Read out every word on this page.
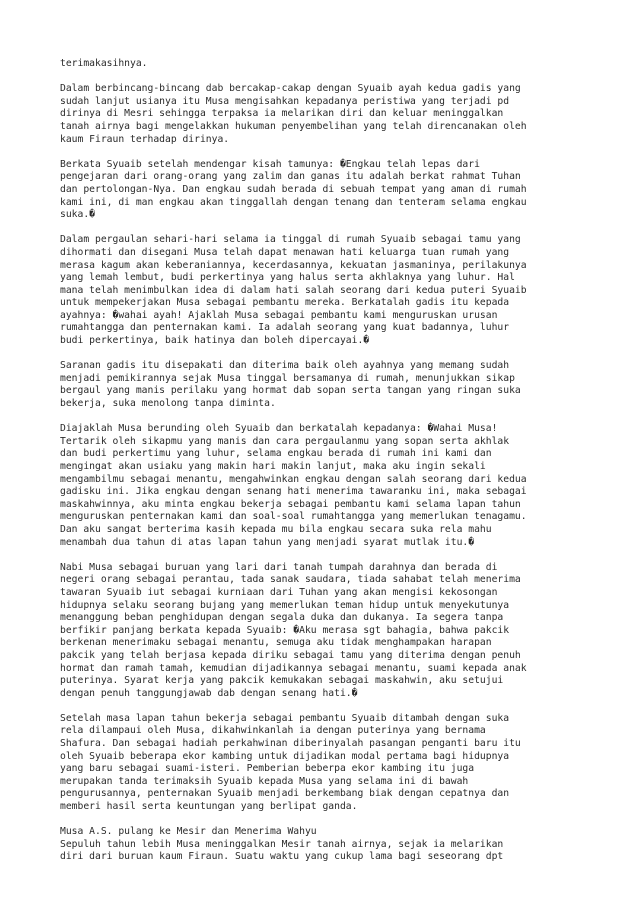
terimakasihnya.

Dalam berbincang-bincang dab bercakap-cakap dengan Syuaib ayah kedua gadis yang
sudah lanjut usianya itu Musa mengisahkan kepadanya peristiwa yang terjadi pd
dirinya di Mesri sehingga terpaksa ia melarikan diri dan keluar meninggalkan
tanah airnya bagi mengelakkan hukuman penyembelihan yang telah direncanakan oleh
kaum Firaun terhadap dirinya.

Berkata Syuaib setelah mendengar kisah tamunya: �Engkau telah lepas dari
pengejaran dari orang-orang yang zalim dan ganas itu adalah berkat rahmat Tuhan
dan pertolongan-Nya. Dan engkau sudah berada di sebuah tempat yang aman di rumah
kami ini, di man engkau akan tinggallah dengan tenang dan tenteram selama engkau
suka.�

Dalam pergaulan sehari-hari selama ia tinggal di rumah Syuaib sebagai tamu yang
dihormati dan disegani Musa telah dapat menawan hati keluarga tuan rumah yang
merasa kagum akan keberaniannya, kecerdasannya, kekuatan jasmaninya, perilakunya
yang lemah lembut, budi perkertinya yang halus serta akhlaknya yang luhur. Hal
mana telah menimbulkan idea di dalam hati salah seorang dari kedua puteri Syuaib
untuk mempekerjakan Musa sebagai pembantu mereka. Berkatalah gadis itu kepada
ayahnya: �wahai ayah! Ajaklah Musa sebagai pembantu kami menguruskan urusan
rumahtangga dan penternakan kami. Ia adalah seorang yang kuat badannya, luhur
budi perkertinya, baik hatinya dan boleh dipercayai.�

Saranan gadis itu disepakati dan diterima baik oleh ayahnya yang memang sudah
menjadi pemikirannya sejak Musa tinggal bersamanya di rumah, menunjukkan sikap
bergaul yang manis perilaku yang hormat dab sopan serta tangan yang ringan suka
bekerja, suka menolong tanpa diminta.

Diajaklah Musa berunding oleh Syuaib dan berkatalah kepadanya: �Wahai Musa!
Tertarik oleh sikapmu yang manis dan cara pergaulanmu yang sopan serta akhlak
dan budi perkertimu yang luhur, selama engkau berada di rumah ini kami dan
mengingat akan usiaku yang makin hari makin lanjut, maka aku ingin sekali
mengambilmu sebagai menantu, mengahwinkan engkau dengan salah seorang dari kedua
gadisku ini. Jika engkau dengan senang hati menerima tawaranku ini, maka sebagai
maskahwinnya, aku minta engkau bekerja sebagai pembantu kami selama lapan tahun
menguruskan penternakan kami dan soal-soal rumahtangga yang memerlukan tenagamu.
Dan aku sangat berterima kasih kepada mu bila engkau secara suka rela mahu
menambah dua tahun di atas lapan tahun yang menjadi syarat mutlak itu.�

Nabi Musa sebagai buruan yang lari dari tanah tumpah darahnya dan berada di
negeri orang sebagai perantau, tada sanak saudara, tiada sahabat telah menerima
tawaran Syuaib iut sebagai kurniaan dari Tuhan yang akan mengisi kekosongan
hidupnya selaku seorang bujang yang memerlukan teman hidup untuk menyekutunya
menanggung beban penghidupan dengan segala duka dan dukanya. Ia segera tanpa
berfikir panjang berkata kepada Syuaib: �Aku merasa sgt bahagia, bahwa pakcik
berkenan menerimaku sebagai menantu, semuga aku tidak menghampakan harapan
pakcik yang telah berjasa kepada diriku sebagai tamu yang diterima dengan penuh
hormat dan ramah tamah, kemudian dijadikannya sebagai menantu, suami kepada anak
puterinya. Syarat kerja yang pakcik kemukakan sebagai maskahwin, aku setujui
dengan penuh tanggungjawab dab dengan senang hati.�

Setelah masa lapan tahun bekerja sebagai pembantu Syuaib ditambah dengan suka
rela dilampaui oleh Musa, dikahwinkanlah ia dengan puterinya yang bernama
Shafura. Dan sebagai hadiah perkahwinan diberinyalah pasangan penganti baru itu
oleh Syuaib beberapa ekor kambing untuk dijadikan modal pertama bagi hidupnya
yang baru sebagai suami-isteri. Pemberian beberpa ekor kambing itu juga
merupakan tanda terimaksih Syuaib kepada Musa yang selama ini di bawah
pengurusannya, penternakan Syuaib menjadi berkembang biak dengan cepatnya dan
memberi hasil serta keuntungan yang berlipat ganda.

Musa A.S. pulang ke Mesir dan Menerima Wahyu
Sepuluh tahun lebih Musa meninggalkan Mesir tanah airnya, sejak ia melarikan
diri dari buruan kaum Firaun. Suatu waktu yang cukup lama bagi seseorang dpt
